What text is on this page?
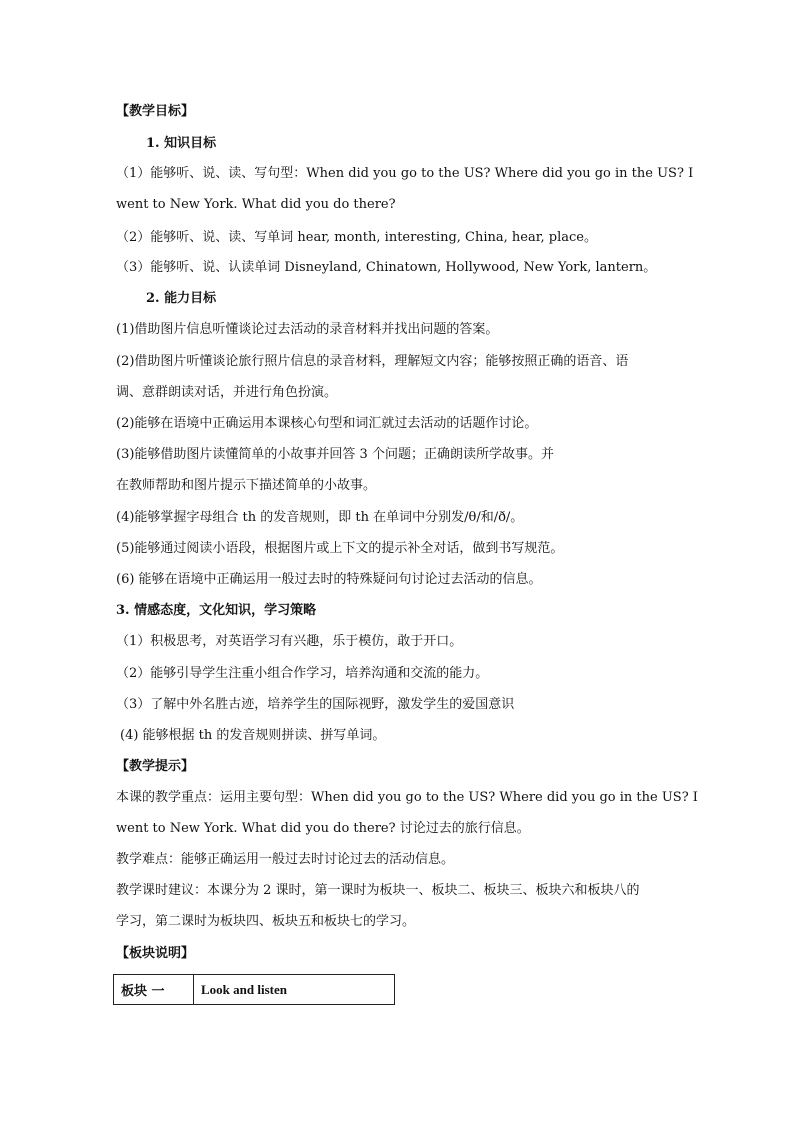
【教学目标】
1. 知识目标
（1）能够听、说、读、写句型：When did you go to the US? Where did you go in the US? I
went to New York. What did you do there?
（2）能够听、说、读、写单词 hear, month, interesting, China, hear, place。
（3）能够听、说、认读单词 Disneyland, Chinatown, Hollywood, New York, lantern。
2. 能力目标
(1)借助图片信息听懂谈论过去活动的录音材料并找出问题的答案。
(2)借助图片听懂谈论旅行照片信息的录音材料，理解短文内容；能够按照正确的语音、语
调、意群朗读对话，并进行角色扮演。
(2)能够在语境中正确运用本课核心句型和词汇就过去活动的话题作讨论。
(3)能够借助图片读懂简单的小故事并回答 3 个问题；正确朗读所学故事。并
在教师帮助和图片提示下描述简单的小故事。
(4)能够掌握字母组合 th 的发音规则，即 th 在单词中分别发/θ/和/ð/。
(5)能够通过阅读小语段，根据图片或上下文的提示补全对话，做到书写规范。
(6) 能够在语境中正确运用一般过去时的特殊疑问句讨论过去活动的信息。
3. 情感态度，文化知识，学习策略
（1）积极思考，对英语学习有兴趣，乐于模仿，敢于开口。
（2）能够引导学生注重小组合作学习，培养沟通和交流的能力。
（3）了解中外名胜古迹，培养学生的国际视野，激发学生的爱国意识
(4) 能够根据 th 的发音规则拼读、拼写单词。
【教学提示】
本课的教学重点：运用主要句型：When did you go to the US? Where did you go in the US? I
went to New York. What did you do there? 讨论过去的旅行信息。
教学难点：能够正确运用一般过去时讨论过去的活动信息。
教学课时建议：本课分为 2 课时，第一课时为板块一、板块二、板块三、板块六和板块八的
学习，第二课时为板块四、板块五和板块七的学习。
【板块说明】
板块 一	Look and listen
